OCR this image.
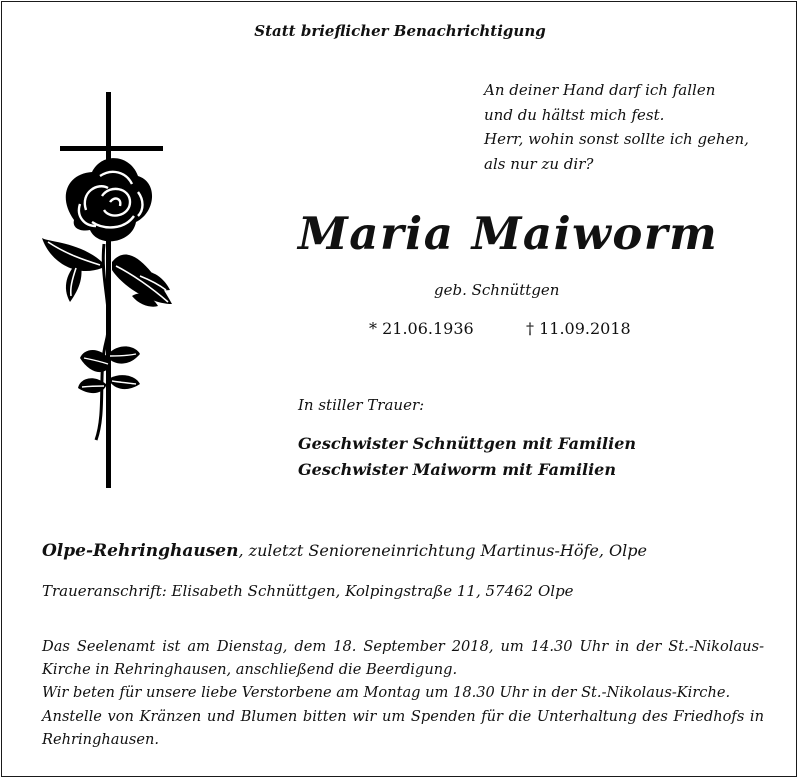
Statt brieflicher Benachrichtigung
An deiner Hand darf ich fallen
und du hältst mich fest.
Herr, wohin sonst sollte ich gehen,
als nur zu dir?
Maria Maiworm
geb. Schnüttgen
* 21.06.1936	† 11.09.2018
In stiller Trauer:
Geschwister Schnüttgen mit Familien
Geschwister Maiworm mit Familien
Olpe-Rehringhausen, zuletzt Senioreneinrichtung Martinus-Höfe, Olpe
Traueranschrift: Elisabeth Schnüttgen, Kolpingstraße 11, 57462 Olpe
Das Seelenamt ist am Dienstag, dem 18. September 2018, um 14.30 Uhr in der St.-Nikolaus-Kirche in Rehringhausen, anschließend die Beerdigung.
Wir beten für unsere liebe Verstorbene am Montag um 18.30 Uhr in der St.-Nikolaus-Kirche.
Anstelle von Kränzen und Blumen bitten wir um Spenden für die Unterhaltung des Friedhofs in Rehringhausen.
